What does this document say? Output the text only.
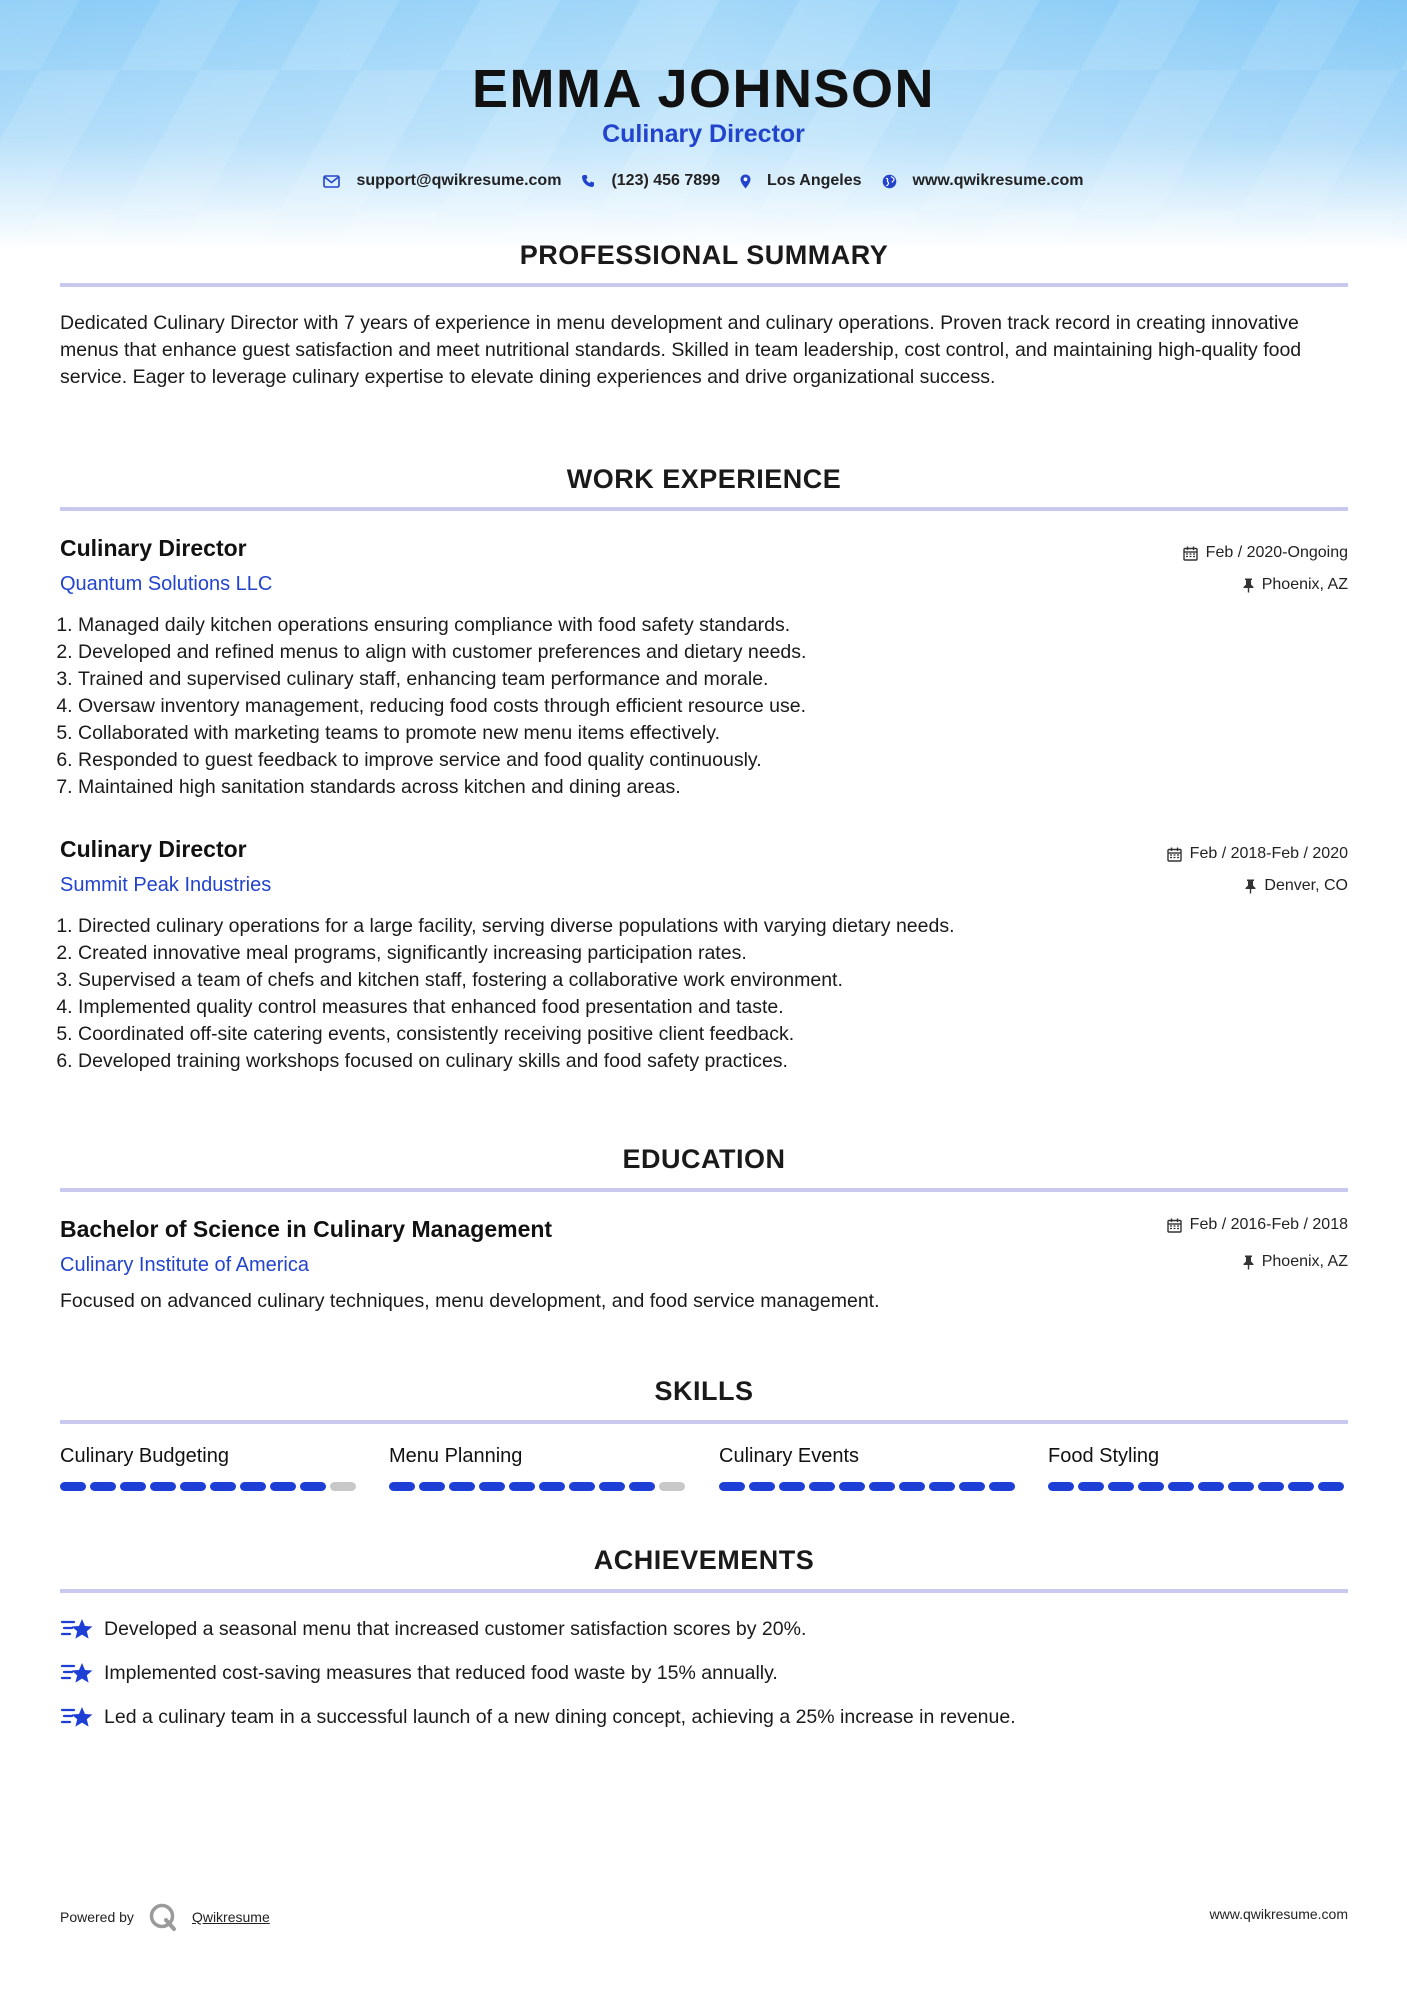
EMMA JOHNSON
Culinary Director
support@qwikresume.com	(123) 456 7899	Los Angeles	www.qwikresume.com
PROFESSIONAL SUMMARY
Dedicated Culinary Director with 7 years of experience in menu development and culinary operations. Proven track record in creating innovative menus that enhance guest satisfaction and meet nutritional standards. Skilled in team leadership, cost control, and maintaining high-quality food service. Eager to leverage culinary expertise to elevate dining experiences and drive organizational success.
WORK EXPERIENCE
Culinary Director
Quantum Solutions LLC
Feb / 2020-Ongoing
Phoenix, AZ
1. Managed daily kitchen operations ensuring compliance with food safety standards.
2. Developed and refined menus to align with customer preferences and dietary needs.
3. Trained and supervised culinary staff, enhancing team performance and morale.
4. Oversaw inventory management, reducing food costs through efficient resource use.
5. Collaborated with marketing teams to promote new menu items effectively.
6. Responded to guest feedback to improve service and food quality continuously.
7. Maintained high sanitation standards across kitchen and dining areas.
Culinary Director
Summit Peak Industries
Feb / 2018-Feb / 2020
Denver, CO
1. Directed culinary operations for a large facility, serving diverse populations with varying dietary needs.
2. Created innovative meal programs, significantly increasing participation rates.
3. Supervised a team of chefs and kitchen staff, fostering a collaborative work environment.
4. Implemented quality control measures that enhanced food presentation and taste.
5. Coordinated off-site catering events, consistently receiving positive client feedback.
6. Developed training workshops focused on culinary skills and food safety practices.
EDUCATION
Bachelor of Science in Culinary Management
Culinary Institute of America
Feb / 2016-Feb / 2018
Phoenix, AZ
Focused on advanced culinary techniques, menu development, and food service management.
SKILLS
Culinary Budgeting	Menu Planning	Culinary Events	Food Styling
ACHIEVEMENTS
Developed a seasonal menu that increased customer satisfaction scores by 20%.
Implemented cost-saving measures that reduced food waste by 15% annually.
Led a culinary team in a successful launch of a new dining concept, achieving a 25% increase in revenue.
Powered by	Qwikresume	www.qwikresume.com
